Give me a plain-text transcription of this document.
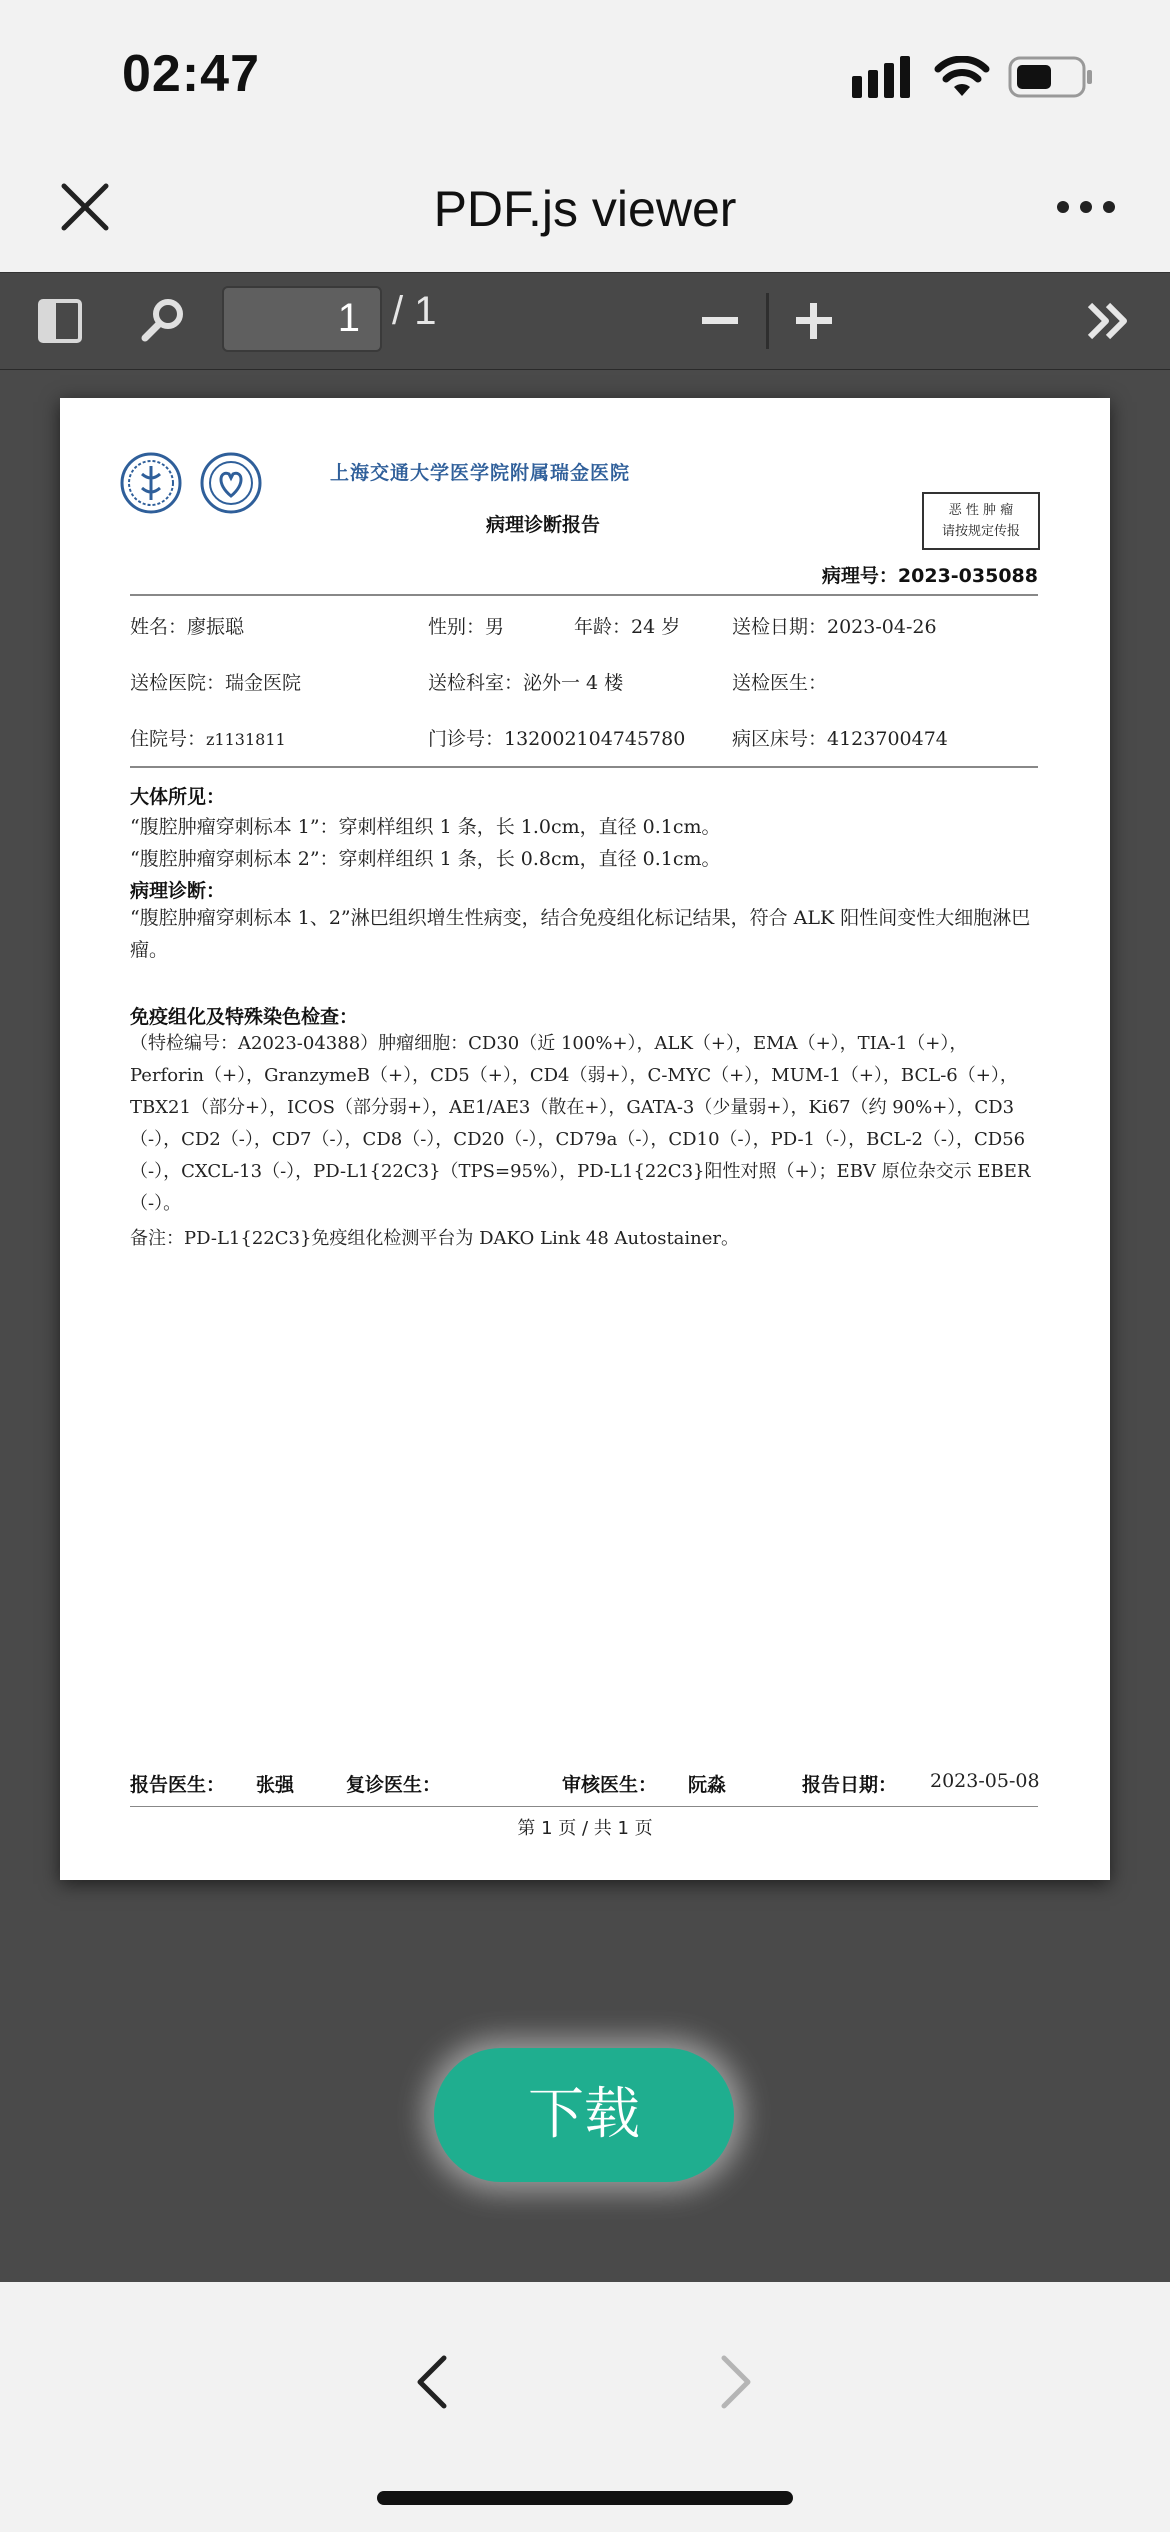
02:47
PDF.js viewer
1 / 1
上海交通大学医学院附属瑞金医院
病理诊断报告
恶 性 肿 瘤
请按规定传报
病理号：2023-035088
姓名：廖振聪	性别：男	年龄：24 岁	送检日期：2023-04-26
送检医院：瑞金医院	送检科室：泌外一 4 楼	送检医生：
住院号：z1131811	门诊号：132002104745780 病区床号：4123700474
大体所见：
“腹腔肿瘤穿刺标本 1”：穿刺样组织 1 条，长 1.0cm，直径 0.1cm。
“腹腔肿瘤穿刺标本 2”：穿刺样组织 1 条，长 0.8cm，直径 0.1cm。
病理诊断：
“腹腔肿瘤穿刺标本 1、2”淋巴组织增生性病变，结合免疫组化标记结果，符合 ALK 阳性间变性大细胞淋巴瘤。
免疫组化及特殊染色检查：
（特检编号：A2023-04388）肿瘤细胞：CD30（近 100%+），ALK（+），EMA（+），TIA-1（+），Perforin（+），GranzymeB（+），CD5（+），CD4（弱+），C-MYC（+），MUM-1（+），BCL-6（+），TBX21（部分+），ICOS（部分弱+），AE1/AE3（散在+），GATA-3（少量弱+），Ki67（约 90%+），CD3（-），CD2（-），CD7（-），CD8（-），CD20（-），CD79a（-），CD10（-），PD-1（-），BCL-2（-），CD56（-），CXCL-13（-），PD-L1{22C3}（TPS=95%），PD-L1{22C3}阳性对照（+）；EBV 原位杂交示 EBER（-）。
备注：PD-L1{22C3}免疫组化检测平台为 DAKO Link 48 Autostainer。
报告医生： 张强	复诊医生：	审核医生： 阮淼	报告日期： 2023-05-08
第 1 页 / 共 1 页
下载
